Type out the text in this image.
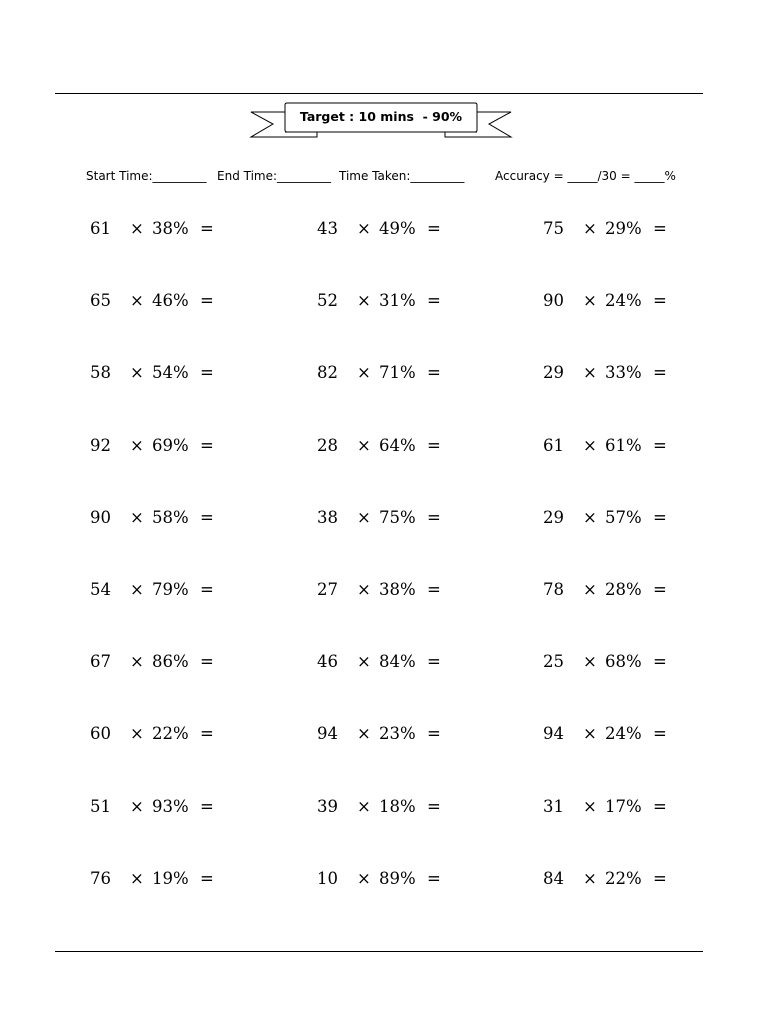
Target : 10 mins  - 90%
Start Time:_________ End Time:_________ Time Taken:_________	Accuracy = _____/30 = _____%
61 × 38% =
65 × 46% =
58 × 54% =
92 × 69% =
90 × 58% =
54 × 79% =
67 × 86% =
60 × 22% =
51 × 93% =
76 × 19% =
43 × 49% =
52 × 31% =
82 × 71% =
28 × 64% =
38 × 75% =
27 × 38% =
46 × 84% =
94 × 23% =
39 × 18% =
10 × 89% =
75 × 29% =
90 × 24% =
29 × 33% =
61 × 61% =
29 × 57% =
78 × 28% =
25 × 68% =
94 × 24% =
31 × 17% =
84 × 22% =
